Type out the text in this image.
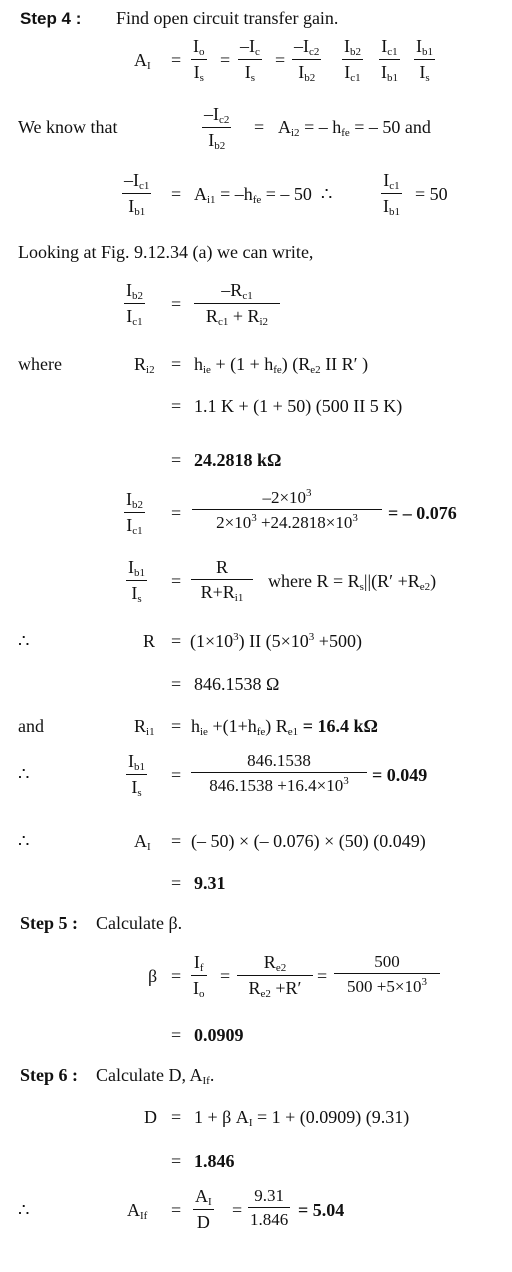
Step 4 : Find open circuit transfer gain.
$A_I = \frac{I_o}{I_s} = \frac{-I_c}{I_s} = \frac{-I_{c2}}{I_{b2}} \frac{I_{b2}}{I_{c1}} \frac{I_{c1}}{I_{b1}} \frac{I_{b1}}{I_s}$
We know that	$\frac{-I_{c2}}{I_{b2}} = A_{i2}$ = – $h_{fe}$ = – 50 and
$\frac{-I_{c1}}{I_{b1}} = A_{i1} = -h_{fe}$ = – 50 ∴	$\frac{I_{c1}}{I_{b1}} = 50$
Looking at Fig. 9.12.34 (a) we can write,
$\frac{I_{b2}}{I_{c1}} = \frac{-R_{c1}}{R_{c1} + R_{i2}}$
where	$R_{i2} = h_{ie} + (1 + h_{fe})$ ($R_{e2}$ II R′ )
= 1.1 K + (1 + 50) (500 II 5 K)
= 24.2818 kΩ
$\frac{I_{b2}}{I_{c1}} = \frac{-2\times 10^3}{2\times 10^3 +24.2818\times 10^3}$ = – 0.076
$\frac{I_{b1}}{I_s} = \frac{R}{R+R_{i1}}$ where $R = R_s||(R' +R_{e2})$
∴	$R = (1\times 10^3)$ II $(5\times 10^3 +500)$
= 846.1538 Ω
and	$R_{i1} = h_{ie} +(1+h_{fe}) R_{e1} = 16.4$ kΩ
∴	$\frac{I_{b1}}{I_s} = \frac{846.1538}{846.1538 +16.4\times 10^3} = 0.049$
∴	$A_I$ = (– 50) × (– 0.076) × (50) (0.049)
= 9.31
Step 5 : Calculate β.
$\beta = \frac{I_f}{I_o} = \frac{R_{e2}}{R_{e2} +R'} = \frac{500}{500 +5\times 10^3}$
= 0.0909
Step 6 : Calculate D, $A_{If}$.
D = 1 + β $A_I = 1 + (0.0909)$ (9.31)
= 1.846
∴	$A_{If} = \frac{A_I}{D} = \frac{9.31}{1.846} = 5.04$
